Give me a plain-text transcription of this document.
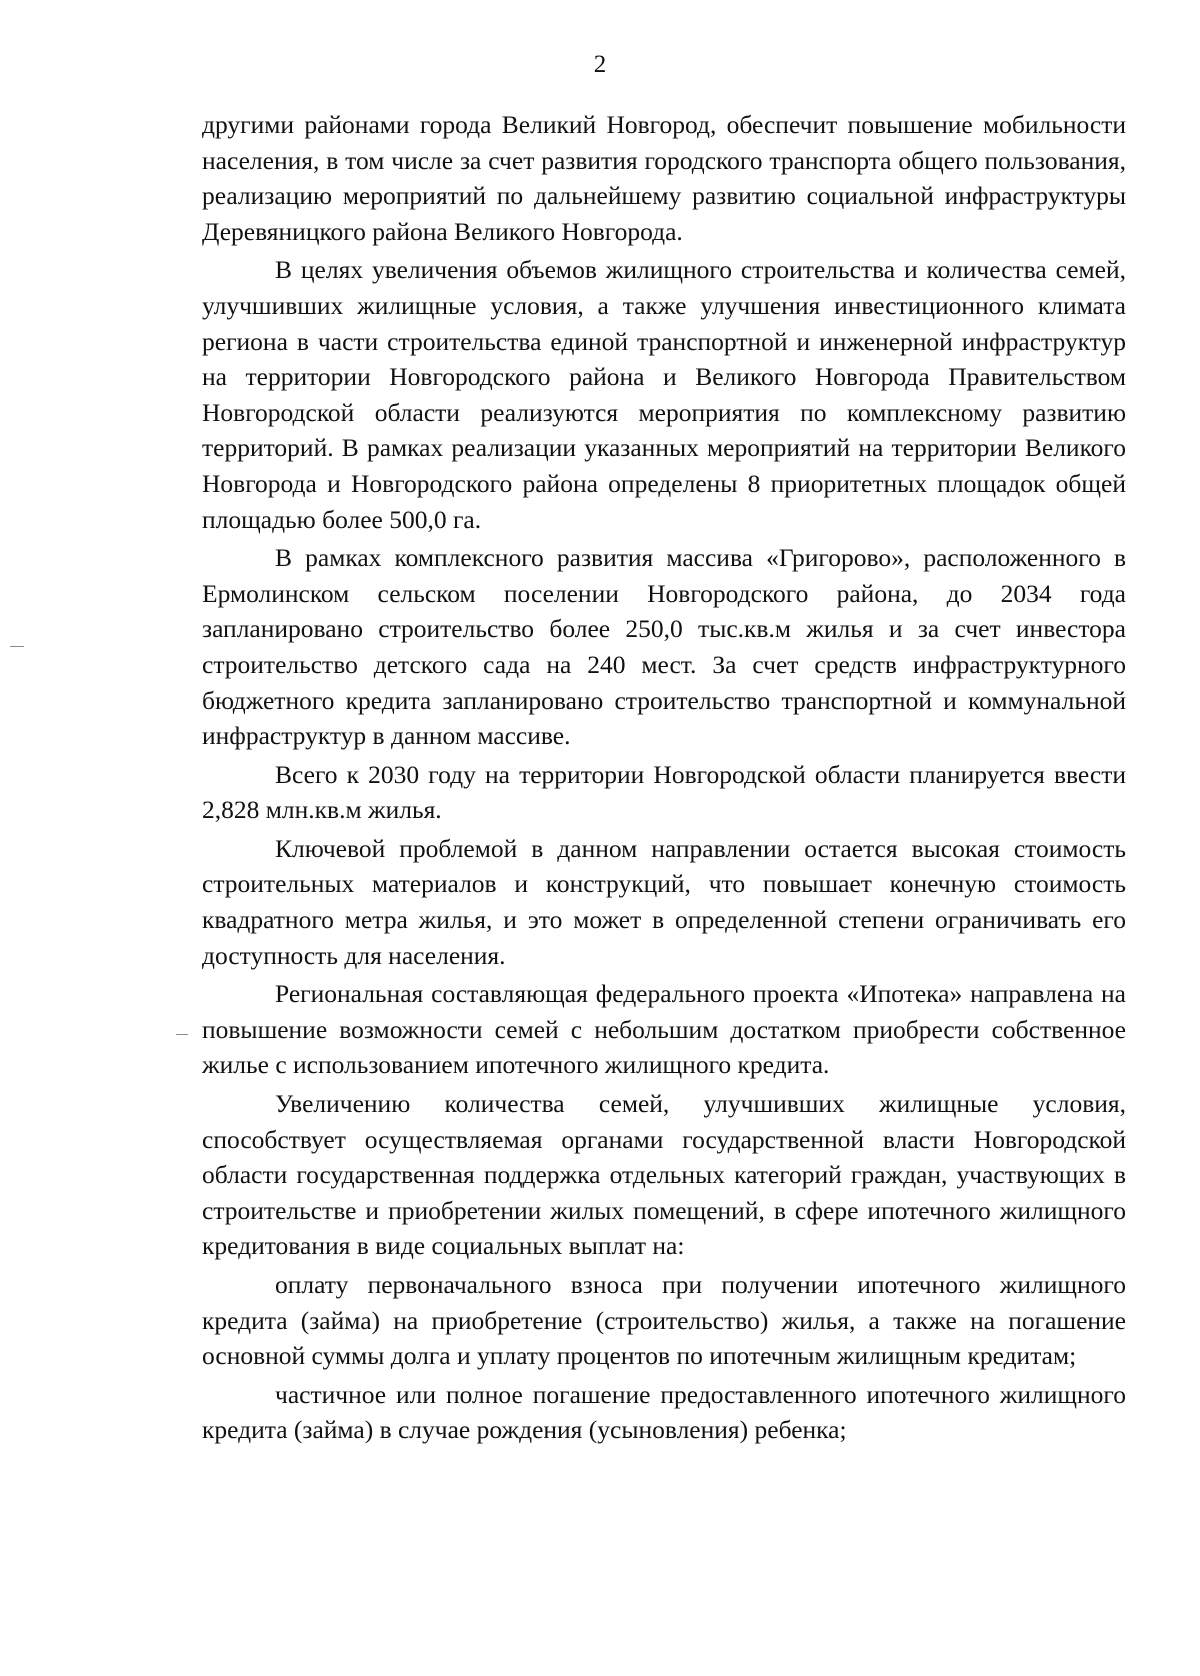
2

другими районами города Великий Новгород, обеспечит повышение мобильности населения, в том числе за счет развития городского транспорта общего пользования, реализацию мероприятий по дальнейшему развитию социальной инфраструктуры Деревяницкого района Великого Новгорода.

В целях увеличения объемов жилищного строительства и количества семей, улучшивших жилищные условия, а также улучшения инвестиционного климата региона в части строительства единой транспортной и инженерной инфраструктур на территории Новгородского района и Великого Новгорода Правительством Новгородской области реализуются мероприятия по комплексному развитию территорий. В рамках реализации указанных мероприятий на территории Великого Новгорода и Новгородского района определены 8 приоритетных площадок общей площадью более 500,0 га.

В рамках комплексного развития массива «Григорово», расположенного в Ермолинском сельском поселении Новгородского района, до 2034 года запланировано строительство более 250,0 тыс.кв.м жилья и за счет инвестора строительство детского сада на 240 мест. За счет средств инфраструктурного бюджетного кредита запланировано строительство транспортной и коммунальной инфраструктур в данном массиве.

Всего к 2030 году на территории Новгородской области планируется ввести 2,828 млн.кв.м жилья.

Ключевой проблемой в данном направлении остается высокая стоимость строительных материалов и конструкций, что повышает конечную стоимость квадратного метра жилья, и это может в определенной степени ограничивать его доступность для населения.

Региональная составляющая федерального проекта «Ипотека» направлена на повышение возможности семей с небольшим достатком приобрести собственное жилье с использованием ипотечного жилищного кредита.

Увеличению количества семей, улучшивших жилищные условия, способствует осуществляемая органами государственной власти Новгородской области государственная поддержка отдельных категорий граждан, участвующих в строительстве и приобретении жилых помещений, в сфере ипотечного жилищного кредитования в виде социальных выплат на:

оплату первоначального взноса при получении ипотечного жилищного кредита (займа) на приобретение (строительство) жилья, а также на погашение основной суммы долга и уплату процентов по ипотечным жилищным кредитам;

частичное или полное погашение предоставленного ипотечного жилищного кредита (займа) в случае рождения (усыновления) ребенка;
